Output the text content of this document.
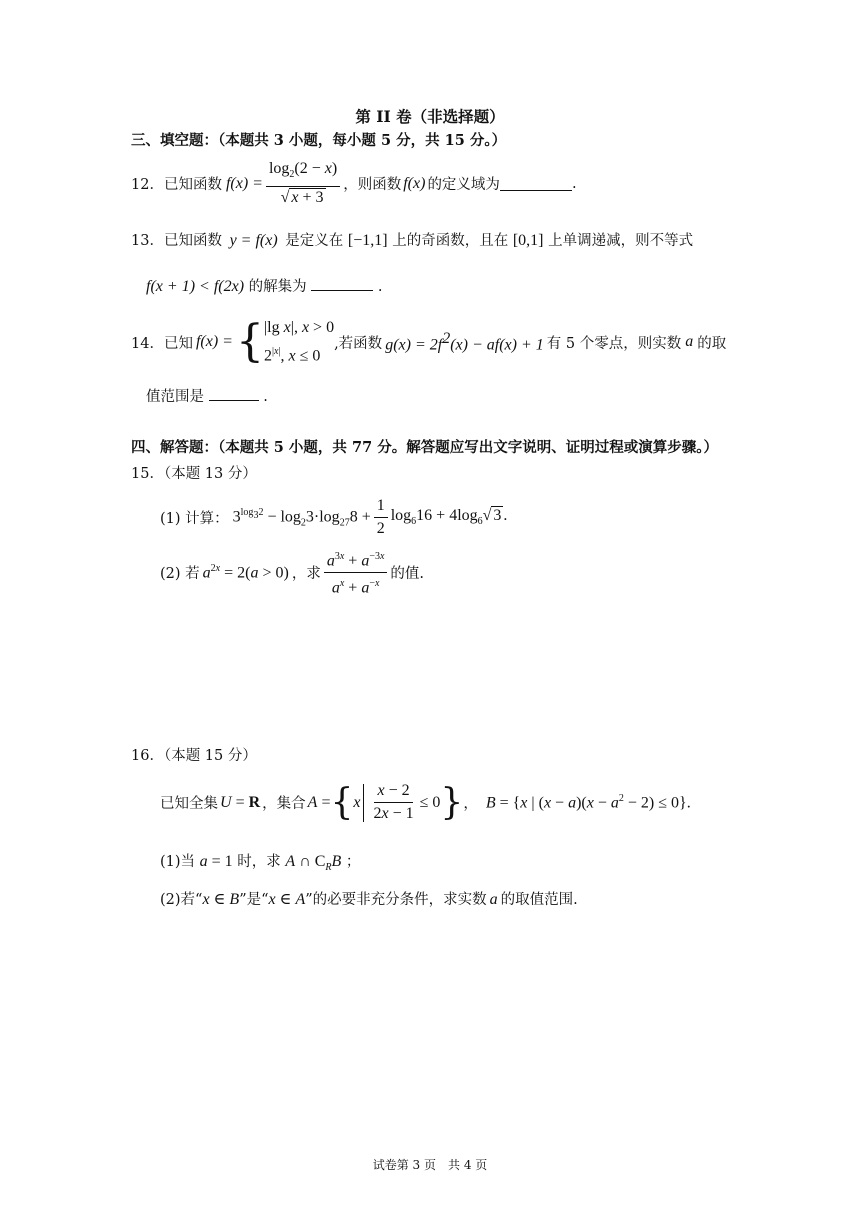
第 II 卷（非选择题）
三、填空题：（本题共 3 小题，每小题 5 分，共 15 分。）
12．已知函数 $f(x) = \frac{\log_2(2 - x)}{√ x + 3}$ ，则函数 f(x) 的定义域为	.
13．已知函数 y = f(x) 是定义在 [−1,1] 上的奇函数，且在 [0,1] 上单调递减，则不等式
f(x + 1) < f(2x) 的解集为	.
14．已知 f(x) = { |lg x|, x > 0
$2^{|x|}$, x ≤ 0
,若函数 $g(x) = 2f^2(x) - af(x) + 1$ 有 5 个零点，则实数 a 的取
值范围是	.
四、解答题：（本题共 5 小题，共 77 分。解答题应写出文字说明、证明过程或演算步骤。）
15．（本题 13 分）
(1) 计算： $3^{log_32} - \log_23\cdot\log_{27}8 + \frac{1}{2} \log_616 + 4\log_6√$ 3 .
(2) 若 $a^{2x} = 2(a > 0)$ ，求 $\frac{a^{3x} + a^{-3x}}{a^x + a^{-x}}$ 的值.
16．（本题 15 分）
已知全集 U = R ，集合 A = { x $\frac{x - 2}{2x - 1} \le 0$ } ， B = {x | $(x - a)(x - a^2 - 2) \le 0$}.
(1)当 a = 1 时，求 A ∩ $C_RB$ ；
(2)若“x ∈ B”是“x ∈ A”的必要非充分条件，求实数 a 的取值范围.
试卷第 3 页　共 4 页
